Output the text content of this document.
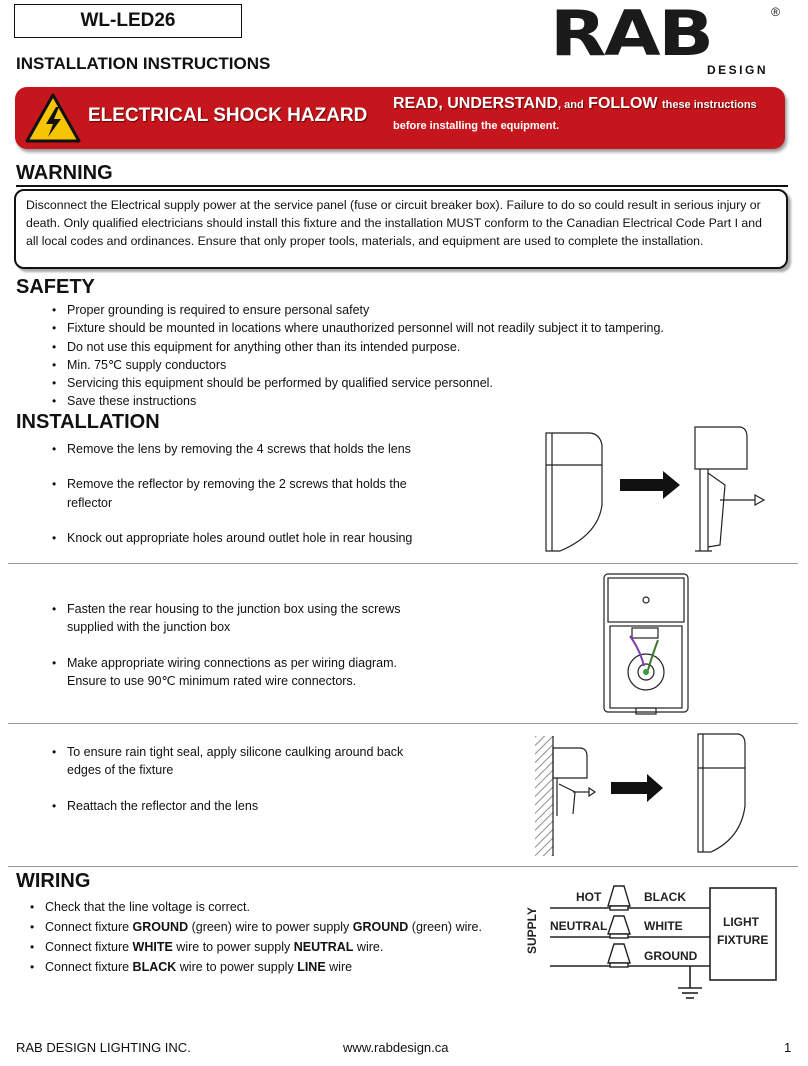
WL-LED26
INSTALLATION INSTRUCTIONS	RAB	®
DESIGN
ELECTRICAL SHOCK HAZARD
READ, UNDERSTAND, and FOLLOW these instructions
before installing the equipment.
WARNING
Disconnect the Electrical supply power at the service panel (fuse or circuit breaker box). Failure to do so could result in serious injury or death. Only qualified electricians should install this fixture and the installation MUST conform to the Canadian Electrical Code Part I and all local codes and ordinances. Ensure that only proper tools, materials, and equipment are used to complete the installation.
SAFETY
• Proper grounding is required to ensure personal safety
• Fixture should be mounted in locations where unauthorized personnel will not readily subject it to tampering.
• Do not use this equipment for anything other than its intended purpose.
• Min. 75℃ supply conductors
• Servicing this equipment should be performed by qualified service personnel.
• Save these instructions
INSTALLATION
• Remove the lens by removing the 4 screws that holds the lens
• Remove the reflector by removing the 2 screws that holds the reflector
• Knock out appropriate holes around outlet hole in rear housing
• Fasten the rear housing to the junction box using the screws supplied with the junction box
• Make appropriate wiring connections as per wiring diagram. Ensure to use 90℃ minimum rated wire connectors.
• To ensure rain tight seal, apply silicone caulking around back edges of the fixture
• Reattach the reflector and the lens
WIRING
• Check that the line voltage is correct.
• Connect fixture GROUND (green) wire to power supply GROUND (green) wire.
• Connect fixture WHITE wire to power supply NEUTRAL wire.
• Connect fixture BLACK wire to power supply LINE wire
SUPPLY
HOT
NEUTRAL
BLACK
WHITE
GROUND
LIGHT
FIXTURE
RAB DESIGN LIGHTING INC.	www.rabdesign.ca	1
